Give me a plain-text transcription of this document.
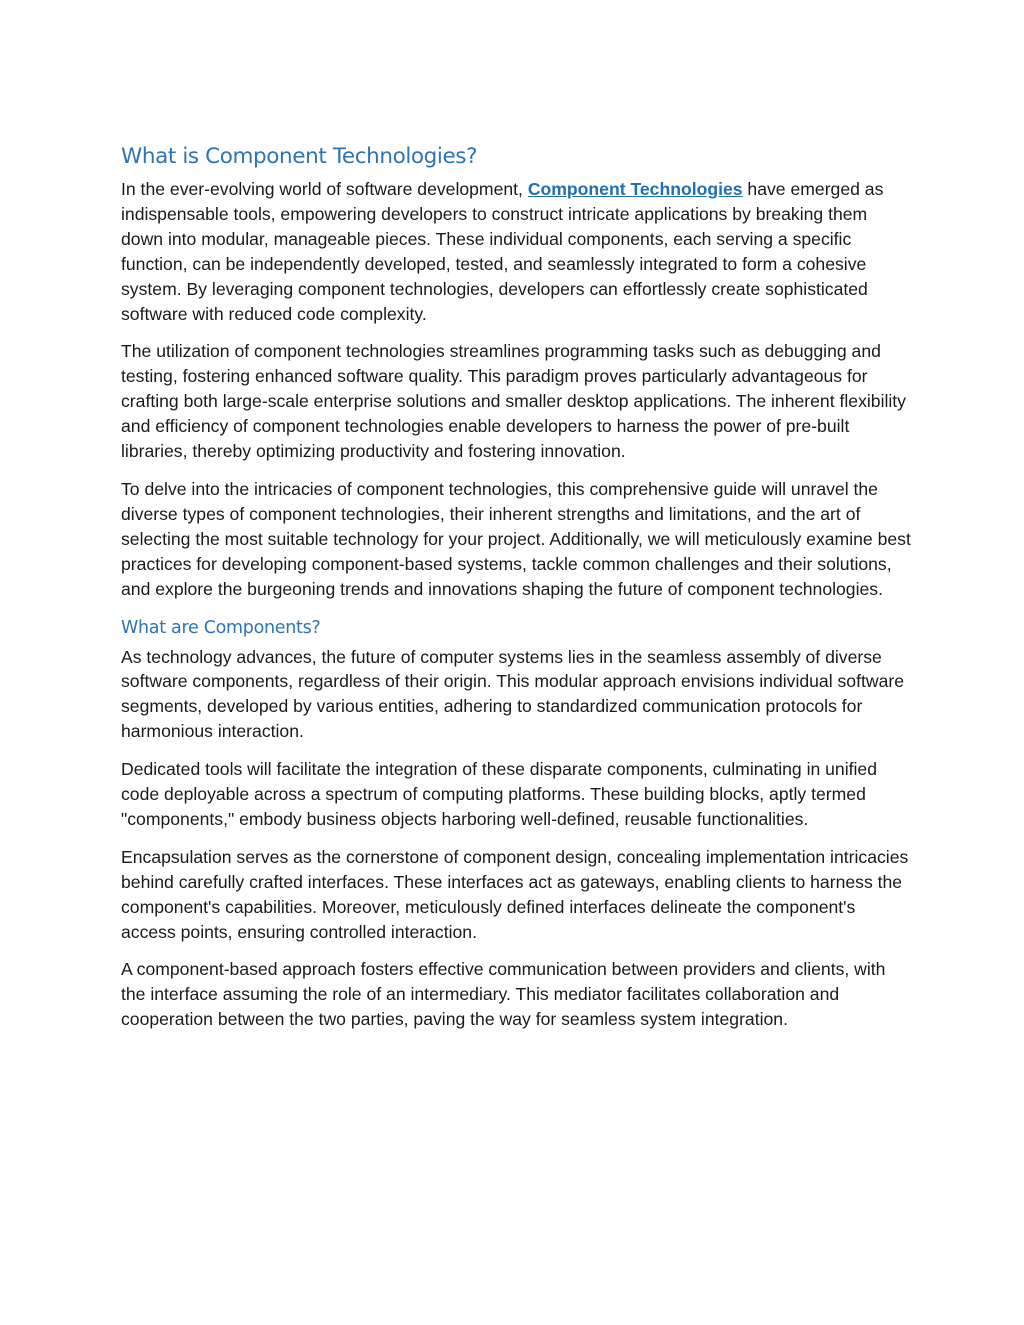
What is Component Technologies?

In the ever-evolving world of software development, Component Technologies have emerged as indispensable tools, empowering developers to construct intricate applications by breaking them down into modular, manageable pieces. These individual components, each serving a specific function, can be independently developed, tested, and seamlessly integrated to form a cohesive system. By leveraging component technologies, developers can effortlessly create sophisticated software with reduced code complexity.

The utilization of component technologies streamlines programming tasks such as debugging and testing, fostering enhanced software quality. This paradigm proves particularly advantageous for crafting both large-scale enterprise solutions and smaller desktop applications. The inherent flexibility and efficiency of component technologies enable developers to harness the power of pre-built libraries, thereby optimizing productivity and fostering innovation.

To delve into the intricacies of component technologies, this comprehensive guide will unravel the diverse types of component technologies, their inherent strengths and limitations, and the art of selecting the most suitable technology for your project. Additionally, we will meticulously examine best practices for developing component-based systems, tackle common challenges and their solutions, and explore the burgeoning trends and innovations shaping the future of component technologies.

What are Components?

As technology advances, the future of computer systems lies in the seamless assembly of diverse software components, regardless of their origin. This modular approach envisions individual software segments, developed by various entities, adhering to standardized communication protocols for harmonious interaction.

Dedicated tools will facilitate the integration of these disparate components, culminating in unified code deployable across a spectrum of computing platforms. These building blocks, aptly termed "components," embody business objects harboring well-defined, reusable functionalities.

Encapsulation serves as the cornerstone of component design, concealing implementation intricacies behind carefully crafted interfaces. These interfaces act as gateways, enabling clients to harness the component's capabilities. Moreover, meticulously defined interfaces delineate the component's access points, ensuring controlled interaction.

A component-based approach fosters effective communication between providers and clients, with the interface assuming the role of an intermediary. This mediator facilitates collaboration and cooperation between the two parties, paving the way for seamless system integration.
